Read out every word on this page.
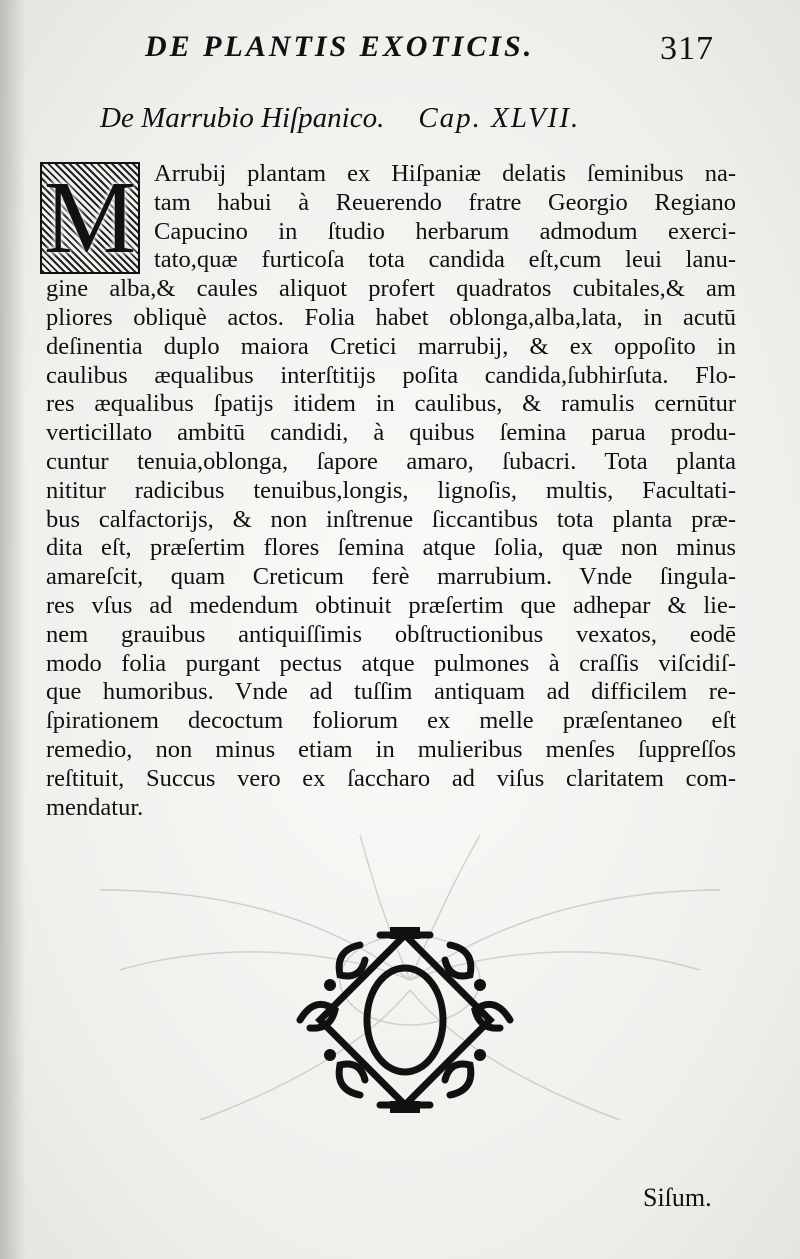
DE PLANTIS EXOTICIS.	317
De Marrubio Hiſpanico. Cap. XLVII.
Arrubij plantam ex Hiſpaniæ delatis ſeminibus na-
tam habui à Reuerendo fratre Georgio Regiano
Capucino in ſtudio herbarum admodum exerci-
tato,quæ furticoſa tota candida eſt,cum leui lanu-
gine alba,& caules aliquot profert quadratos cubitales,& am
pliores obliquè actos. Folia habet oblonga,alba,lata, in acutū
deſinentia duplo maiora Cretici marrubij, & ex oppoſito in
caulibus æqualibus interſtitijs poſita candida,ſubhirſuta. Flo-
res æqualibus ſpatijs itidem in caulibus, & ramulis cernūtur
verticillato ambitū candidi, à quibus ſemina parua produ-
cuntur tenuia,oblonga, ſapore amaro, ſubacri. Tota planta
nititur radicibus tenuibus,longis, lignoſis, multis, Facultati-
bus calfactorijs, & non inſtrenue ſiccantibus tota planta præ-
dita eſt, præſertim flores ſemina atque ſolia, quæ non minus
amareſcit, quam Creticum ferè marrubium. Vnde ſingula-
res vſus ad medendum obtinuit præſertim que adhepar & lie-
nem grauibus antiquiſſimis obſtructionibus vexatos, eodē
modo folia purgant pectus atque pulmones à craſſis viſcidiſ-
que humoribus. Vnde ad tuſſim antiquam ad difficilem re-
ſpirationem decoctum foliorum ex melle præſentaneo eſt
remedio, non minus etiam in mulieribus menſes ſuppreſſos
reſtituit, Succus vero ex ſaccharo ad viſus claritatem com-
mendatur.
M
Siſum.
